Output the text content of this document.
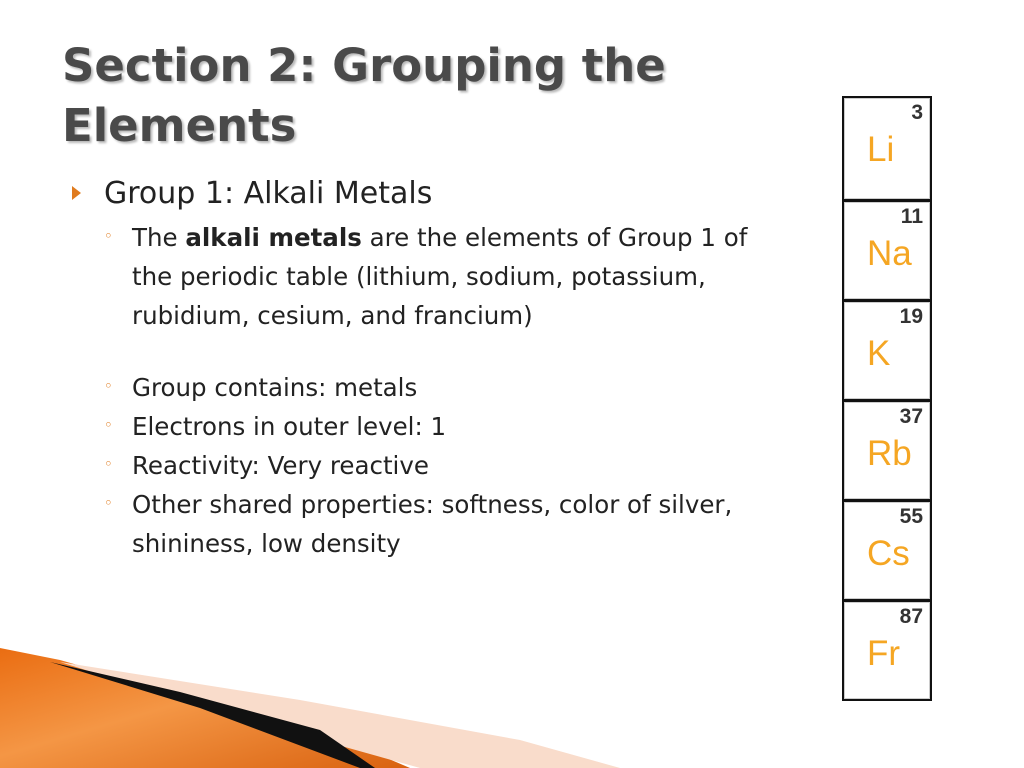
Section 2: Grouping the Elements
Group 1: Alkali Metals
◦ The alkali metals are the elements of Group 1 of the periodic table (lithium, sodium, potassium, rubidium, cesium, and francium)
◦ Group contains: metals
◦ Electrons in outer level: 1
◦ Reactivity: Very reactive
◦ Other shared properties: softness, color of silver, shininess, low density
3
Li
11
Na
19
K
37
Rb
55
Cs
87
Fr
